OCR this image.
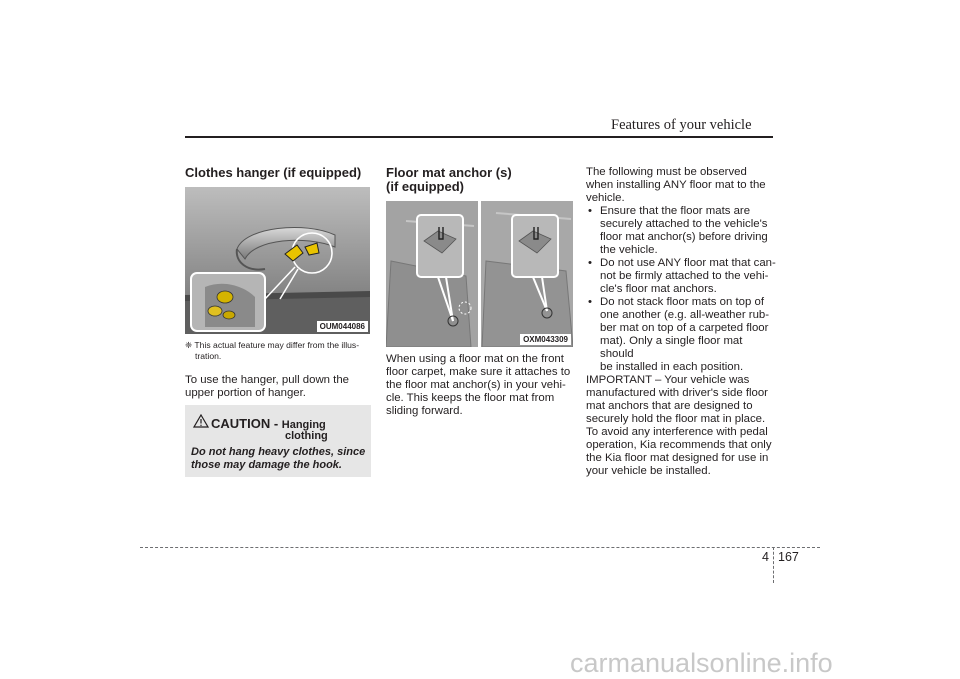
Features of your vehicle
Clothes hanger (if equipped)
OUM044086
❈ This actual feature may differ from the illus-
tration.
To use the hanger, pull down the
upper portion of hanger.
CAUTION - Hanging
clothing
Do not hang heavy clothes, since
those may damage the hook.
Floor mat anchor (s)
(if equipped)
OXM043309
When using a floor mat on the front
floor carpet, make sure it attaches to
the floor mat anchor(s) in your vehi-
cle. This keeps the floor mat from
sliding forward.
The following must be observed
when installing ANY floor mat to the
vehicle.
• Ensure that the floor mats are
securely attached to the vehicle's
floor mat anchor(s) before driving
the vehicle.
• Do not use ANY floor mat that can-
not be firmly attached to the vehi-
cle's floor mat anchors.
• Do not stack floor mats on top of
one another (e.g. all-weather rub-
ber mat on top of a carpeted floor
mat). Only a single floor mat should
be installed in each position.
IMPORTANT – Your vehicle was
manufactured with driver's side floor
mat anchors that are designed to
securely hold the floor mat in place.
To avoid any interference with pedal
operation, Kia recommends that only
the Kia floor mat designed for use in
your vehicle be installed.
4 167
carmanualsonline.info
